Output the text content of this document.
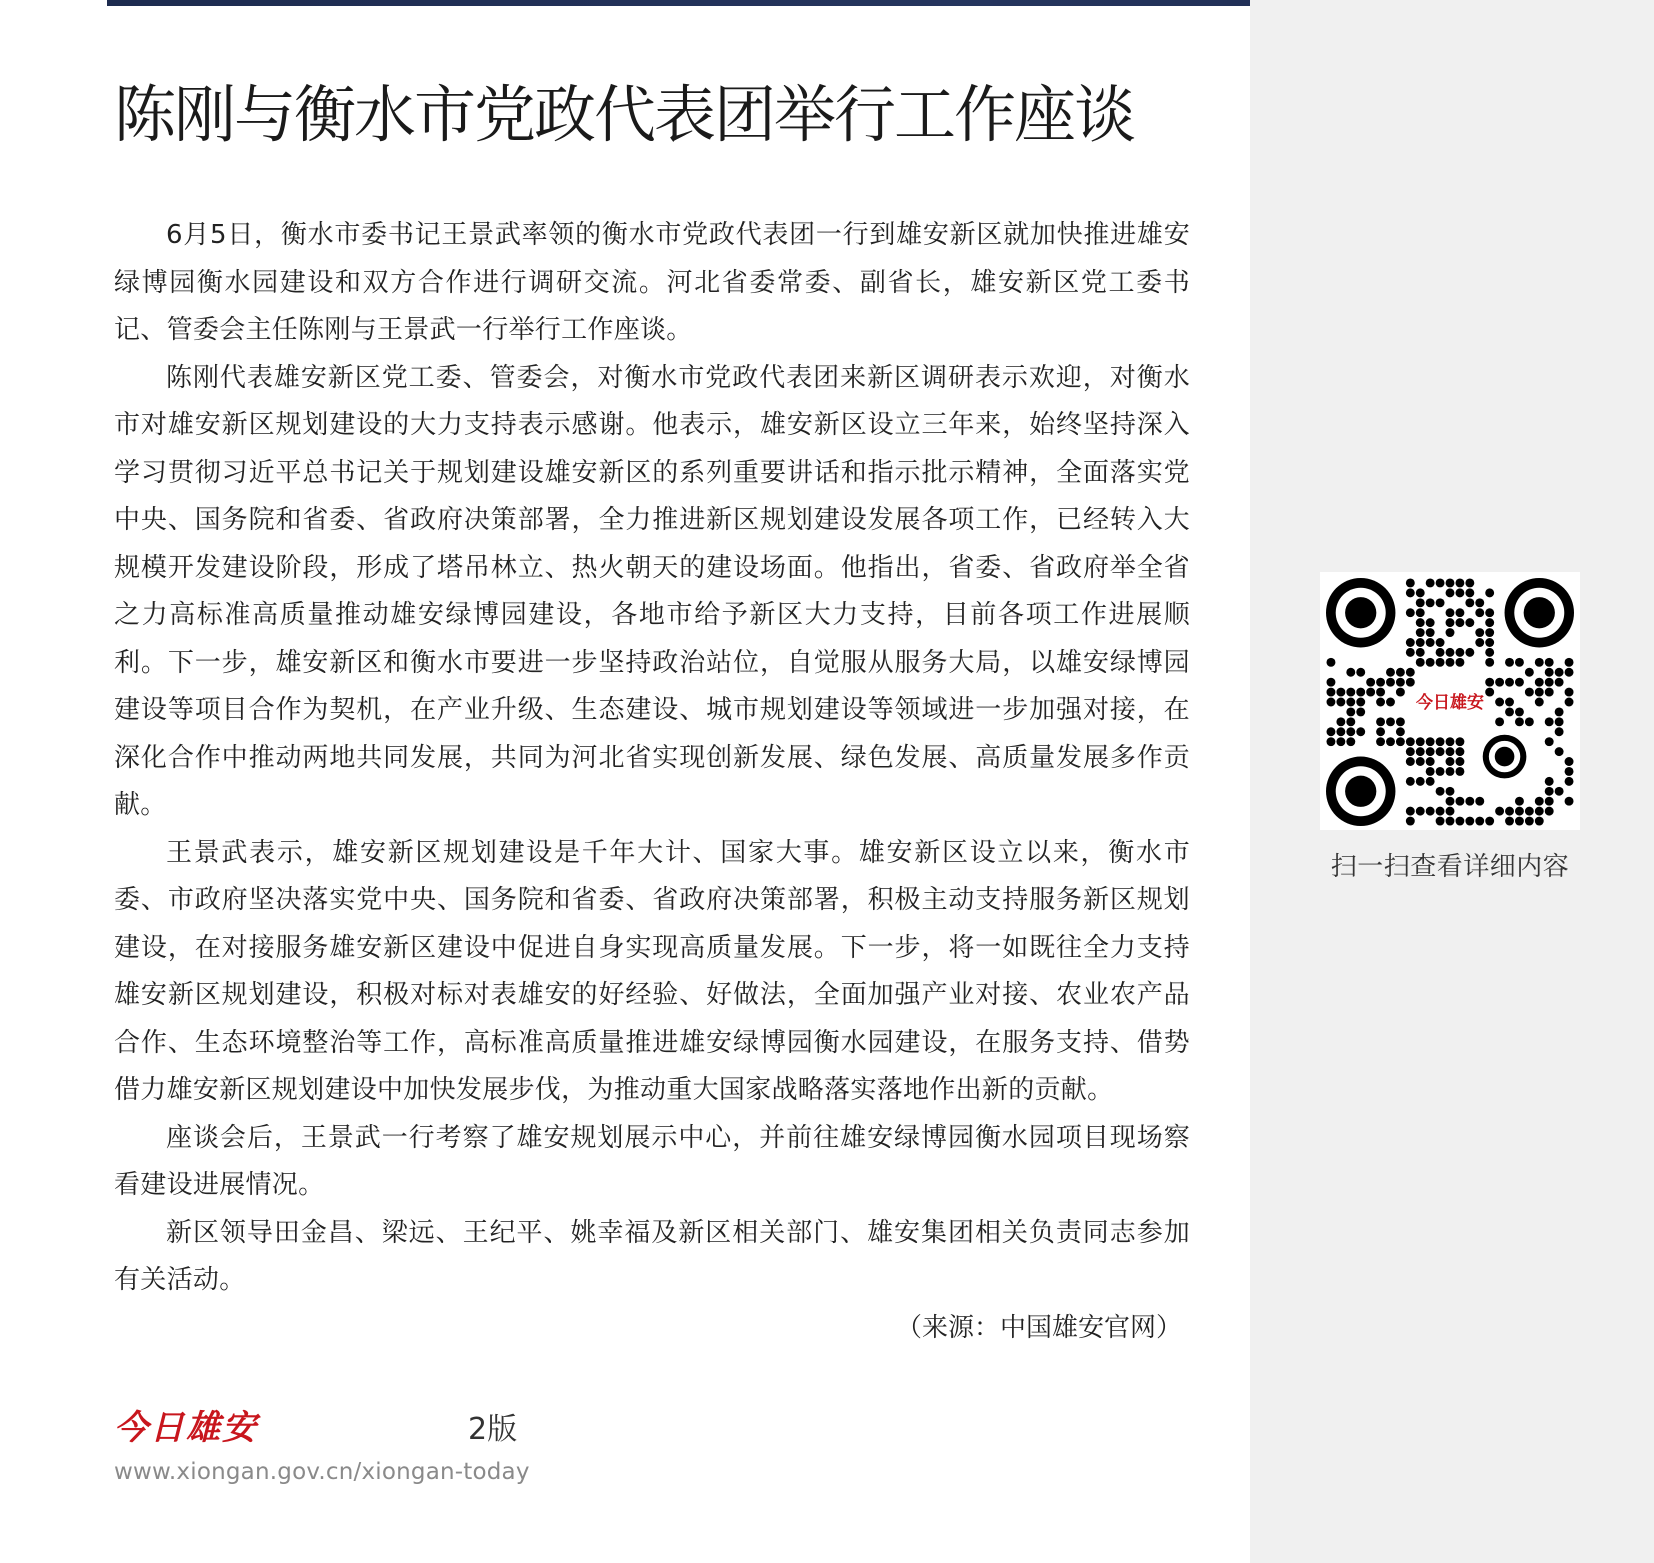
陈刚与衡水市党政代表团举行工作座谈

6月5日，衡水市委书记王景武率领的衡水市党政代表团一行到雄安新区就加快推进雄安绿博园衡水园建设和双方合作进行调研交流。河北省委常委、副省长，雄安新区党工委书记、管委会主任陈刚与王景武一行举行工作座谈。

陈刚代表雄安新区党工委、管委会，对衡水市党政代表团来新区调研表示欢迎，对衡水市对雄安新区规划建设的大力支持表示感谢。他表示，雄安新区设立三年来，始终坚持深入学习贯彻习近平总书记关于规划建设雄安新区的系列重要讲话和指示批示精神，全面落实党中央、国务院和省委、省政府决策部署，全力推进新区规划建设发展各项工作，已经转入大规模开发建设阶段，形成了塔吊林立、热火朝天的建设场面。他指出，省委、省政府举全省之力高标准高质量推动雄安绿博园建设，各地市给予新区大力支持，目前各项工作进展顺利。下一步，雄安新区和衡水市要进一步坚持政治站位，自觉服从服务大局，以雄安绿博园建设等项目合作为契机，在产业升级、生态建设、城市规划建设等领域进一步加强对接，在深化合作中推动两地共同发展，共同为河北省实现创新发展、绿色发展、高质量发展多作贡献。

王景武表示，雄安新区规划建设是千年大计、国家大事。雄安新区设立以来，衡水市委、市政府坚决落实党中央、国务院和省委、省政府决策部署，积极主动支持服务新区规划建设，在对接服务雄安新区建设中促进自身实现高质量发展。下一步，将一如既往全力支持雄安新区规划建设，积极对标对表雄安的好经验、好做法，全面加强产业对接、农业农产品合作、生态环境整治等工作，高标准高质量推进雄安绿博园衡水园建设，在服务支持、借势借力雄安新区规划建设中加快发展步伐，为推动重大国家战略落实落地作出新的贡献。

座谈会后，王景武一行考察了雄安规划展示中心，并前往雄安绿博园衡水园项目现场察看建设进展情况。

新区领导田金昌、梁远、王纪平、姚幸福及新区相关部门、雄安集团相关负责同志参加有关活动。

（来源：中国雄安官网）
今日雄安	2版
www.xiongan.gov.cn/xiongan-today
今日雄安
扫一扫查看详细内容
